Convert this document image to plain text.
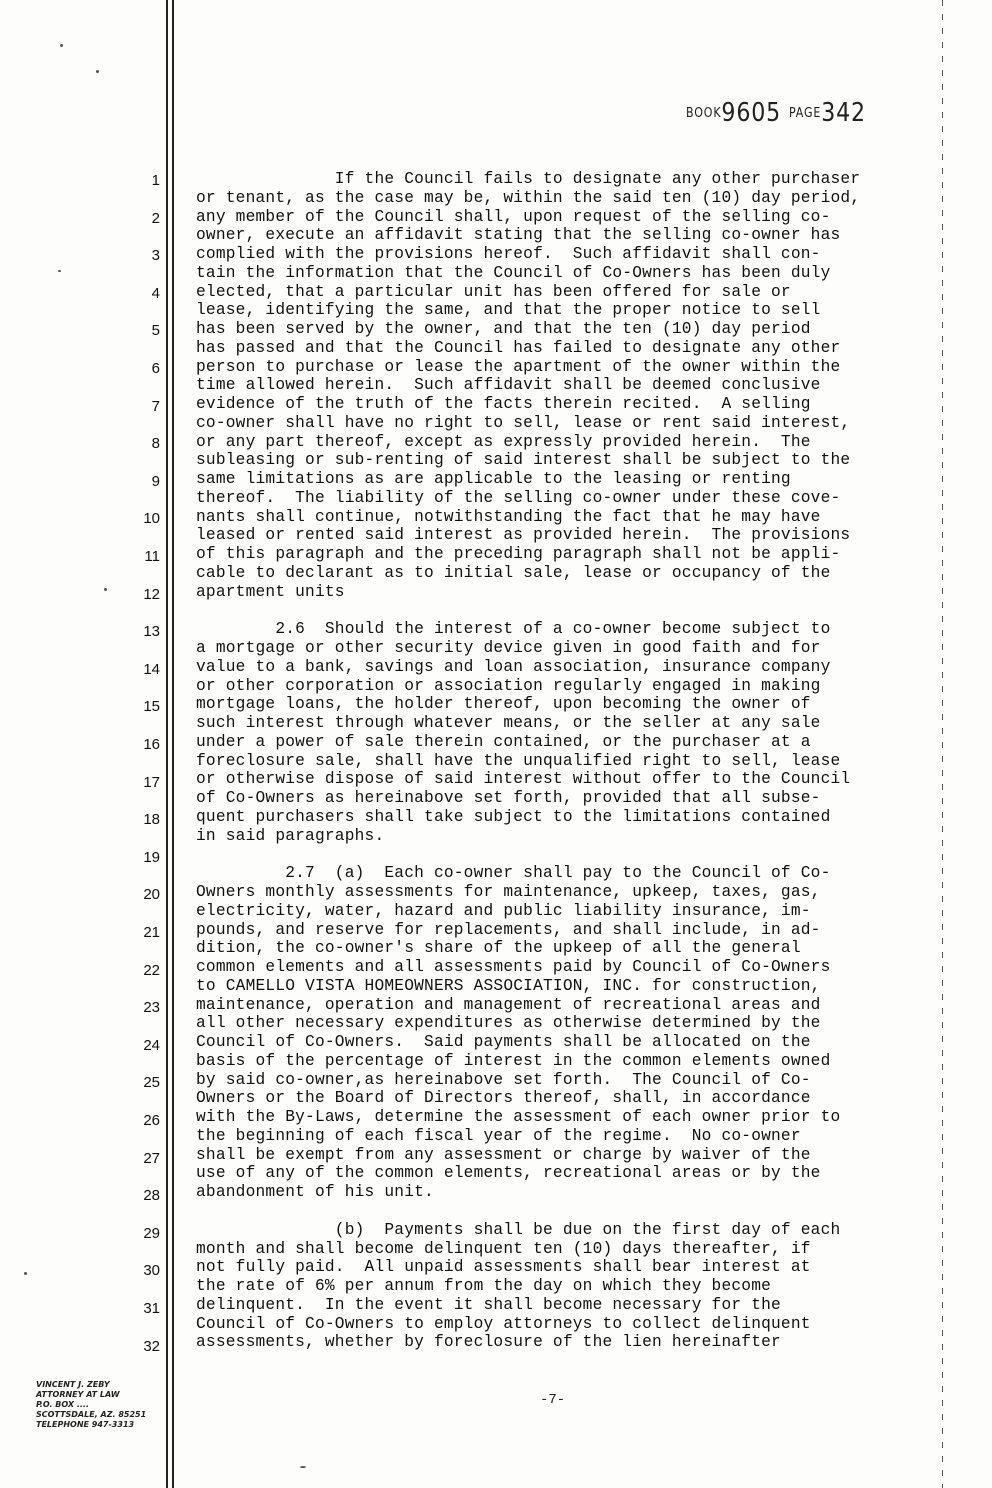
BOOK9605 PAGE342
1
2
3
4
5
6
7
8
9
10
11
12
13
14
15
16
17
18
19
20
21
22
23
24
25
26
27
28
29
30
31
32
If the Council fails to designate any other purchaser
or tenant, as the case may be, within the said ten (10) day period,
any member of the Council shall, upon request of the selling co-
owner, execute an affidavit stating that the selling co-owner has
complied with the provisions hereof.  Such affidavit shall con-
tain the information that the Council of Co-Owners has been duly
elected, that a particular unit has been offered for sale or
lease, identifying the same, and that the proper notice to sell
has been served by the owner, and that the ten (10) day period
has passed and that the Council has failed to designate any other
person to purchase or lease the apartment of the owner within the
time allowed herein.  Such affidavit shall be deemed conclusive
evidence of the truth of the facts therein recited.  A selling
co-owner shall have no right to sell, lease or rent said interest,
or any part thereof, except as expressly provided herein.  The
subleasing or sub-renting of said interest shall be subject to the
same limitations as are applicable to the leasing or renting
thereof.  The liability of the selling co-owner under these cove-
nants shall continue, notwithstanding the fact that he may have
leased or rented said interest as provided herein.  The provisions
of this paragraph and the preceding paragraph shall not be appli-
cable to declarant as to initial sale, lease or occupancy of the
apartment units
2.6  Should the interest of a co-owner become subject to
a mortgage or other security device given in good faith and for
value to a bank, savings and loan association, insurance company
or other corporation or association regularly engaged in making
mortgage loans, the holder thereof, upon becoming the owner of
such interest through whatever means, or the seller at any sale
under a power of sale therein contained, or the purchaser at a
foreclosure sale, shall have the unqualified right to sell, lease
or otherwise dispose of said interest without offer to the Council
of Co-Owners as hereinabove set forth, provided that all subse-
quent purchasers shall take subject to the limitations contained
in said paragraphs.
2.7  (a)  Each co-owner shall pay to the Council of Co-
Owners monthly assessments for maintenance, upkeep, taxes, gas,
electricity, water, hazard and public liability insurance, im-
pounds, and reserve for replacements, and shall include, in ad-
dition, the co-owner's share of the upkeep of all the general
common elements and all assessments paid by Council of Co-Owners
to CAMELLO VISTA HOMEOWNERS ASSOCIATION, INC. for construction,
maintenance, operation and management of recreational areas and
all other necessary expenditures as otherwise determined by the
Council of Co-Owners.  Said payments shall be allocated on the
basis of the percentage of interest in the common elements owned
by said co-owner,as hereinabove set forth.  The Council of Co-
Owners or the Board of Directors thereof, shall, in accordance
with the By-Laws, determine the assessment of each owner prior to
the beginning of each fiscal year of the regime.  No co-owner
shall be exempt from any assessment or charge by waiver of the
use of any of the common elements, recreational areas or by the
abandonment of his unit.
(b)  Payments shall be due on the first day of each
month and shall become delinquent ten (10) days thereafter, if
not fully paid.  All unpaid assessments shall bear interest at
the rate of 6% per annum from the day on which they become
delinquent.  In the event it shall become necessary for the
Council of Co-Owners to employ attorneys to collect delinquent
assessments, whether by foreclosure of the lien hereinafter
VINCENT J. ZEBY
ATTORNEY AT LAW
P.O. BOX ....
SCOTTSDALE, AZ. 85251
TELEPHONE 947-3313
-7-
